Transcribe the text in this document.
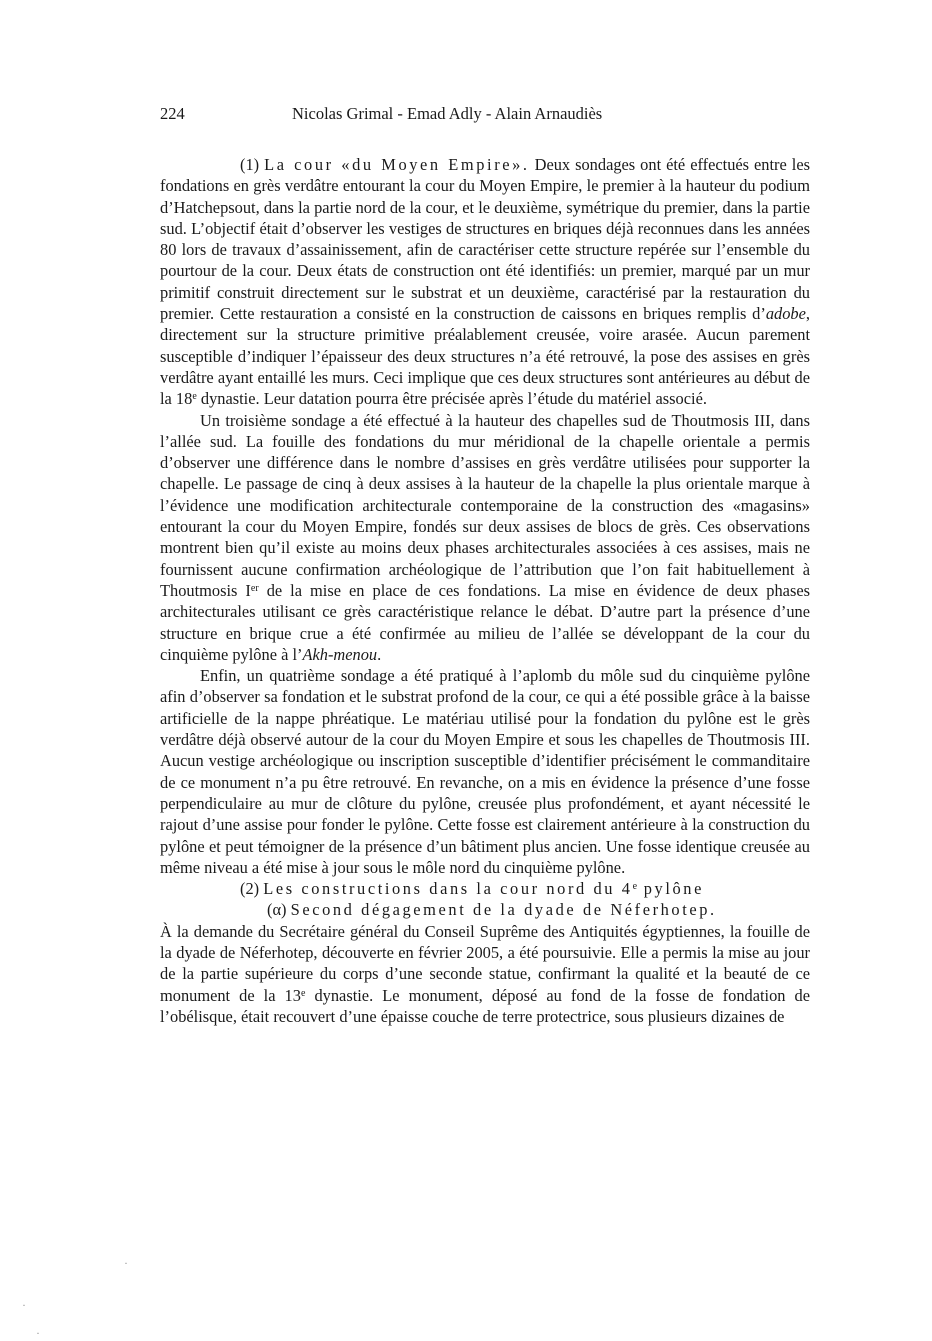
224	Nicolas Grimal - Emad Adly - Alain Arnaudiès

(1) La cour «du Moyen Empire». Deux sondages ont été effectués entre les fondations en grès verdâtre entourant la cour du Moyen Empire, le premier à la hauteur du podium d’Hatchepsout, dans la partie nord de la cour, et le deuxième, symétrique du premier, dans la partie sud. L’objectif était d’observer les vestiges de structures en briques déjà reconnues dans les années 80 lors de travaux d’assainissement, afin de caractériser cette structure repérée sur l’ensemble du pourtour de la cour. Deux états de construction ont été identifiés: un premier, marqué par un mur primitif construit directement sur le substrat et un deuxième, caractérisé par la restauration du premier. Cette restauration a consisté en la construction de caissons en briques remplis d’adobe, directement sur la structure primitive préalablement creusée, voire arasée. Aucun parement susceptible d’indiquer l’épaisseur des deux structures n’a été retrouvé, la pose des assises en grès verdâtre ayant entaillé les murs. Ceci implique que ces deux structures sont antérieures au début de la 18e dynastie. Leur datation pourra être précisée après l’étude du matériel associé.

Un troisième sondage a été effectué à la hauteur des chapelles sud de Thoutmosis III, dans l’allée sud. La fouille des fondations du mur méridional de la chapelle orientale a permis d’observer une différence dans le nombre d’assises en grès verdâtre utilisées pour supporter la chapelle. Le passage de cinq à deux assises à la hauteur de la chapelle la plus orientale marque à l’évidence une modification architecturale contemporaine de la construction des «magasins» entourant la cour du Moyen Empire, fondés sur deux assises de blocs de grès. Ces observations montrent bien qu’il existe au moins deux phases architecturales associées à ces assises, mais ne fournissent aucune confirmation archéologique de l’attribution que l’on fait habituellement à Thoutmosis Ier de la mise en place de ces fondations. La mise en évidence de deux phases architecturales utilisant ce grès caractéristique relance le débat. D’autre part la présence d’une structure en brique crue a été confirmée au milieu de l’allée se développant de la cour du cinquième pylône à l’Akh-menou.

Enfin, un quatrième sondage a été pratiqué à l’aplomb du môle sud du cinquième pylône afin d’observer sa fondation et le substrat profond de la cour, ce qui a été possible grâce à la baisse artificielle de la nappe phréatique. Le matériau utilisé pour la fondation du pylône est le grès verdâtre déjà observé autour de la cour du Moyen Empire et sous les chapelles de Thoutmosis III. Aucun vestige archéologique ou inscription susceptible d’identifier précisément le commanditaire de ce monument n’a pu être retrouvé. En revanche, on a mis en évidence la présence d’une fosse perpendiculaire au mur de clôture du pylône, creusée plus profondément, et ayant nécessité le rajout d’une assise pour fonder le pylône. Cette fosse est clairement antérieure à la construction du pylône et peut témoigner de la présence d’un bâtiment plus ancien. Une fosse identique creusée au même niveau a été mise à jour sous le môle nord du cinquième pylône.

(2) Les constructions dans la cour nord du 4e pylône

(α) Second dégagement de la dyade de Néferhotep.

À la demande du Secrétaire général du Conseil Suprême des Antiquités égyptiennes, la fouille de la dyade de Néferhotep, découverte en février 2005, a été poursuivie. Elle a permis la mise au jour de la partie supérieure du corps d’une seconde statue, confirmant la qualité et la beauté de ce monument de la 13e dynastie. Le monument, déposé au fond de la fosse de fondation de l’obélisque, était recouvert d’une épaisse couche de terre protectrice, sous plusieurs dizaines de

·
·
·
